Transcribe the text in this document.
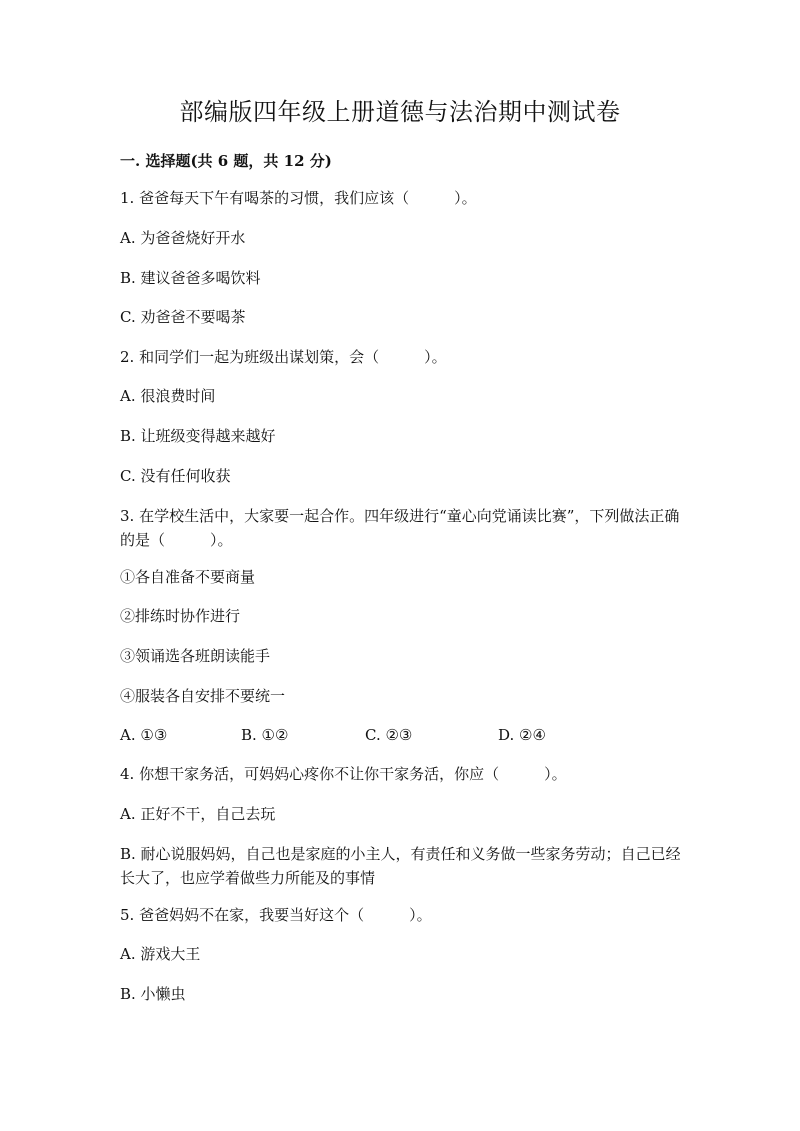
部编版四年级上册道德与法治期中测试卷
一. 选择题(共 6 题，共 12 分)
1. 爸爸每天下午有喝茶的习惯，我们应该（　　　）。
A. 为爸爸烧好开水
B. 建议爸爸多喝饮料
C. 劝爸爸不要喝茶
2. 和同学们一起为班级出谋划策，会（　　　）。
A. 很浪费时间
B. 让班级变得越来越好
C. 没有任何收获
3. 在学校生活中，大家要一起合作。四年级进行“童心向党诵读比赛”，下列做法正确的是（　　　）。
①各自准备不要商量
②排练时协作进行
③领诵选各班朗读能手
④服装各自安排不要统一
A. ①③	B. ①②	C. ②③	D. ②④
4. 你想干家务活，可妈妈心疼你不让你干家务活，你应（　　　）。
A. 正好不干，自己去玩
B. 耐心说服妈妈，自己也是家庭的小主人，有责任和义务做一些家务劳动；自己已经长大了，也应学着做些力所能及的事情
5. 爸爸妈妈不在家，我要当好这个（　　　）。
A. 游戏大王
B. 小懒虫
